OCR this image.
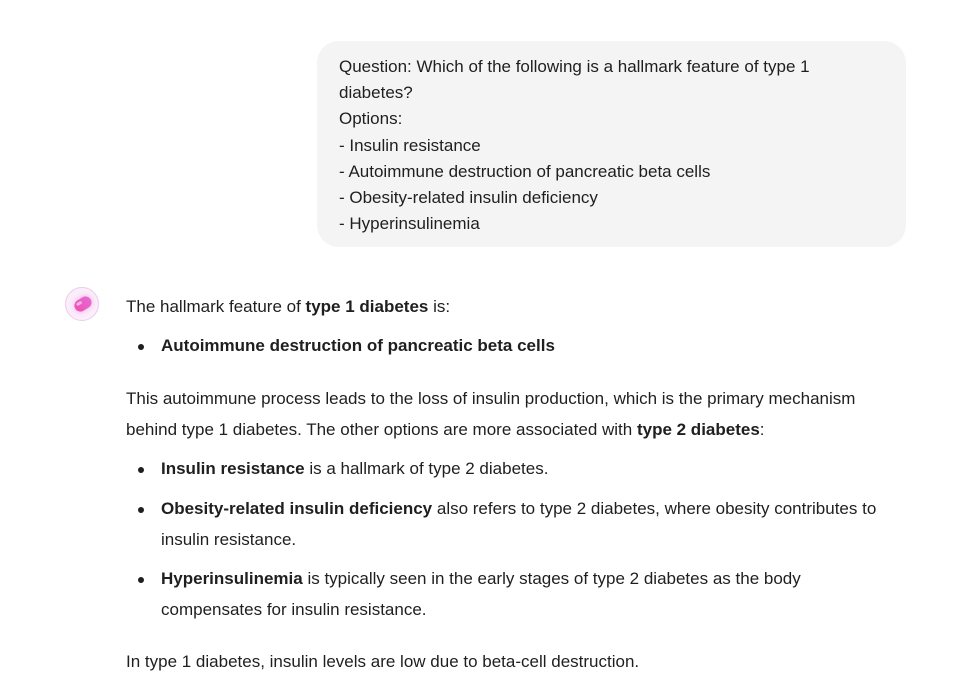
Question: Which of the following is a hallmark feature of type 1
diabetes?
Options:
- Insulin resistance
- Autoimmune destruction of pancreatic beta cells
- Obesity-related insulin deficiency
- Hyperinsulinemia
The hallmark feature of type 1 diabetes is:
Autoimmune destruction of pancreatic beta cells
This autoimmune process leads to the loss of insulin production, which is the primary mechanism
behind type 1 diabetes. The other options are more associated with type 2 diabetes:
Insulin resistance is a hallmark of type 2 diabetes.
Obesity-related insulin deficiency also refers to type 2 diabetes, where obesity contributes to
insulin resistance.
Hyperinsulinemia is typically seen in the early stages of type 2 diabetes as the body
compensates for insulin resistance.
In type 1 diabetes, insulin levels are low due to beta-cell destruction.
